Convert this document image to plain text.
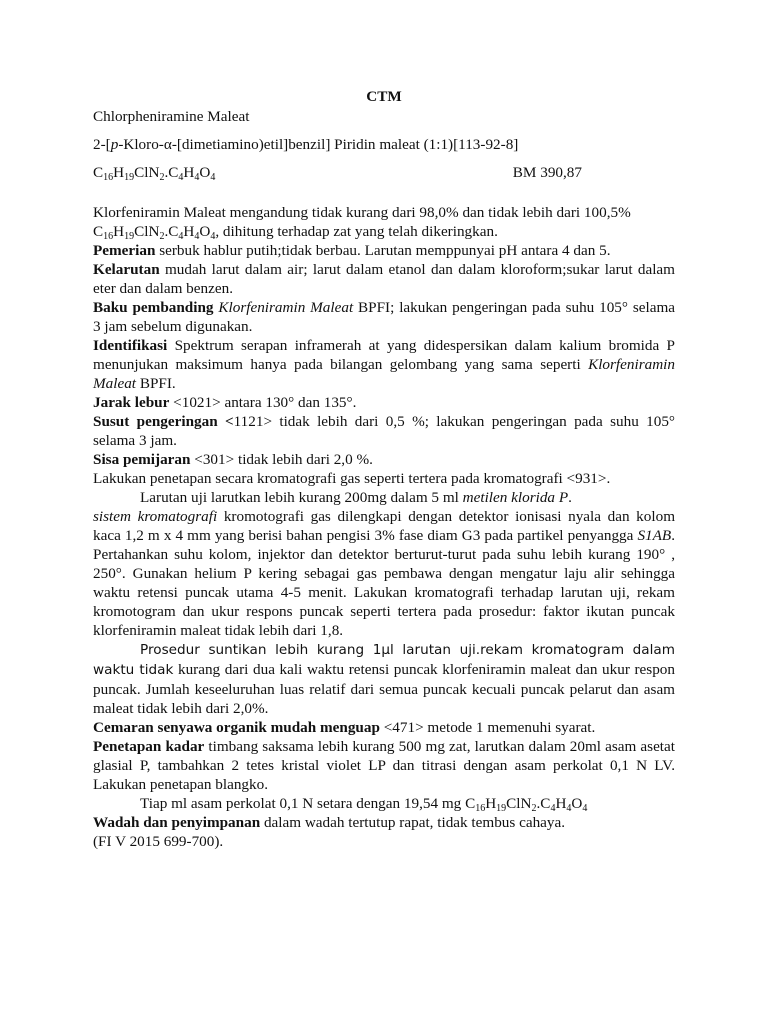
CTM
Chlorpheniramine Maleat
2-[p-Kloro-α-[dimetiamino)etil]benzil] Piridin maleat (1:1)[113-92-8]
$C_{16}H_{19}ClN_2.C_4H_4O_4$	BM 390,87

Klorfeniramin Maleat mengandung tidak kurang dari 98,0% dan tidak lebih dari 100,5%
$C_{16}H_{19}ClN_2.C_4H_4O_4$, dihitung terhadap zat yang telah dikeringkan.

Pemerian serbuk hablur putih;tidak berbau. Larutan memppunyai pH antara 4 dan 5.

Kelarutan mudah larut dalam air; larut dalam etanol dan dalam kloroform;sukar larut dalam eter dan dalam benzen.

Baku pembanding Klorfeniramin Maleat BPFI; lakukan pengeringan pada suhu 105° selama 3 jam sebelum digunakan.

Identifikasi Spektrum serapan inframerah at yang didespersikan dalam kalium bromida P menunjukan maksimum hanya pada bilangan gelombang yang sama seperti Klorfeniramin Maleat BPFI.

Jarak lebur <1021> antara 130° dan 135°.

Susut pengeringan <1121> tidak lebih dari 0,5 %; lakukan pengeringan pada suhu 105° selama 3 jam.

Sisa pemijaran <301> tidak lebih dari 2,0 %.

Lakukan penetapan secara kromatografi gas seperti tertera pada kromatografi <931>.

Larutan uji larutkan lebih kurang 200mg dalam 5 ml metilen klorida P.

sistem kromatografi kromotografi gas dilengkapi dengan detektor ionisasi nyala dan kolom kaca 1,2 m x 4 mm yang berisi bahan pengisi 3% fase diam G3 pada partikel penyangga S1AB. Pertahankan suhu kolom, injektor dan detektor berturut-turut pada suhu lebih kurang 190° , 250°. Gunakan helium P kering sebagai gas pembawa dengan mengatur laju alir sehingga waktu retensi puncak utama 4-5 menit. Lakukan kromatografi terhadap larutan uji, rekam kromotogram dan ukur respons puncak seperti tertera pada prosedur: faktor ikutan puncak klorfeniramin maleat tidak lebih dari 1,8.

Prosedur suntikan lebih kurang 1µl larutan uji.rekam kromatogram dalam waktu tidak kurang dari dua kali waktu retensi puncak klorfeniramin maleat dan ukur respon puncak. Jumlah keseeluruhan luas relatif dari semua puncak kecuali puncak pelarut dan asam maleat tidak lebih dari 2,0%.

Cemaran senyawa organik mudah menguap <471> metode 1 memenuhi syarat.

Penetapan kadar timbang saksama lebih kurang 500 mg zat, larutkan dalam 20ml asam asetat glasial P, tambahkan 2 tetes kristal violet LP dan titrasi dengan asam perkolat 0,1 N LV. Lakukan penetapan blangko.

Tiap ml asam perkolat 0,1 N setara dengan 19,54 mg $C_{16}H_{19}ClN_2.C_4H_4O_4$

Wadah dan penyimpanan dalam wadah tertutup rapat, tidak tembus cahaya.

(FI V 2015 699-700).
